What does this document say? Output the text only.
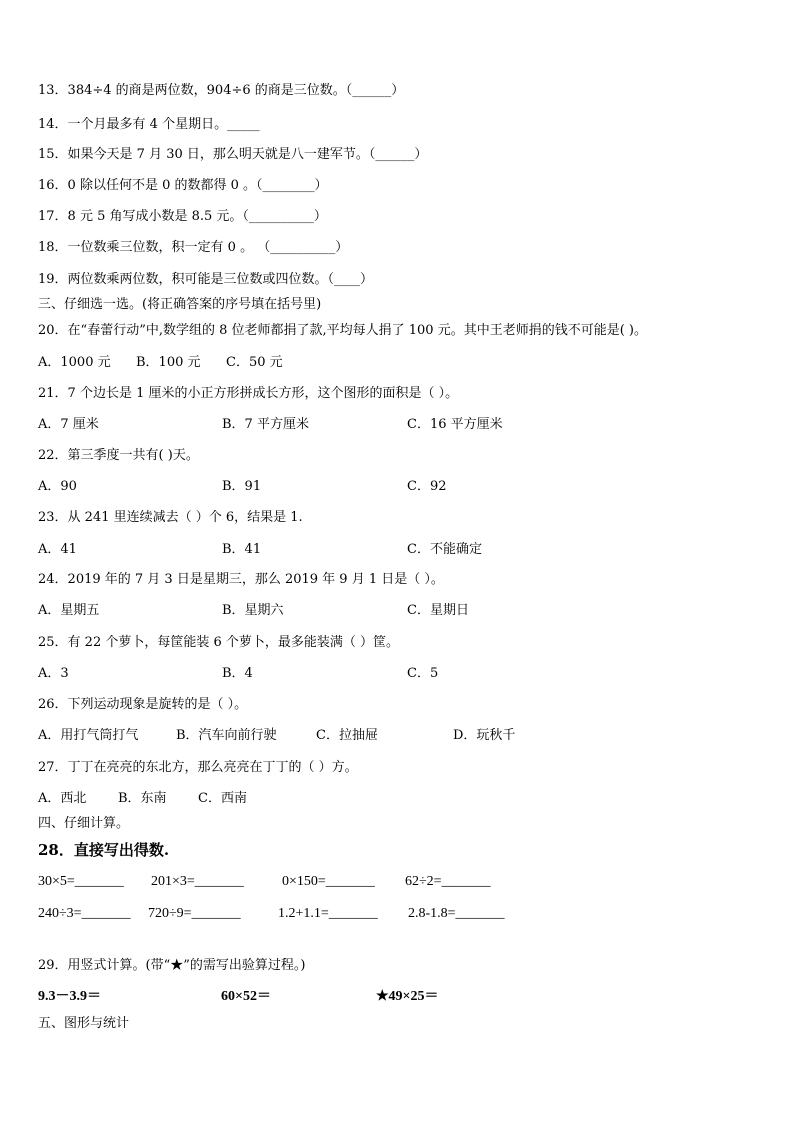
13．384÷4 的商是两位数，904÷6 的商是三位数。（______）
14．一个月最多有 4 个星期日。_____
15．如果今天是 7 月 30 日，那么明天就是八一建军节。（______）
16．0 除以任何不是 0 的数都得 0 。（________）
17．8 元 5 角写成小数是 8.5 元。（__________）
18．一位数乘三位数，积一定有 0 。 （__________）
19．两位数乘两位数，积可能是三位数或四位数。（____）
三、仔细选一选。(将正确答案的序号填在括号里)
20．在“春蕾行动”中,数学组的 8 位老师都捐了款,平均每人捐了 100 元。其中王老师捐的钱不可能是( )。
A．1000 元 B．100 元 C．50 元
21．7 个边长是 1 厘米的小正方形拼成长方形，这个图形的面积是（ ）。
A．7 厘米	B．7 平方厘米	C．16 平方厘米
22．第三季度一共有( )天。
A．90	B．91	C．92
23．从 241 里连续减去（ ）个 6，结果是 1.
A．41	B．41	C．不能确定
24．2019 年的 7 月 3 日是星期三，那么 2019 年 9 月 1 日是（ ）。
A．星期五	B．星期六	C．星期日
25．有 22 个萝卜，每筐能装 6 个萝卜，最多能装满（ ）筐。
A．3	B．4	C．5
26．下列运动现象是旋转的是（ ）。
A．用打气筒打气	B．汽车向前行驶	C．拉抽屉	D．玩秋千
27．丁丁在亮亮的东北方，那么亮亮在丁丁的（ ）方。
A．西北 B．东南 C．西南
四、仔细计算。
28．直接写出得数.
30×5=_______ 201×3=_______	0×150=_______ 62÷2=_______
240÷3=_______ 720÷9=_______	1.2+1.1=_______ 2.8-1.8=_______
29．用竖式计算。(带“★”的需写出验算过程。)
9.3－3.9＝	60×52＝	★49×25＝
五、图形与统计
